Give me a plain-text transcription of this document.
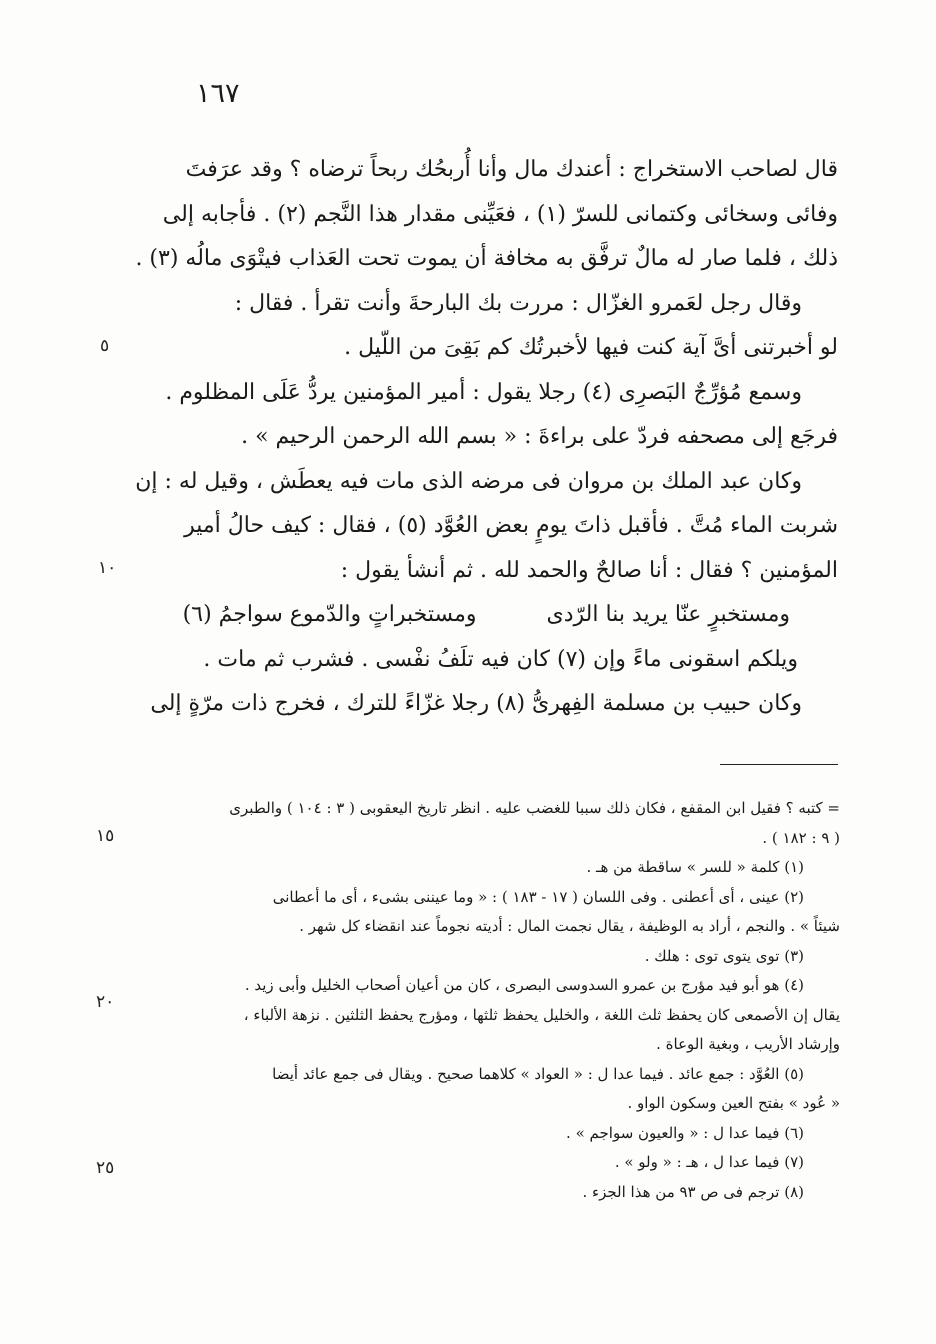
١٦٧
قال لصاحب الاستخراج : أعندك مال وأنا أُربحُك ربحاً ترضاه ؟ وقد عرَفتَ
وفائى وسخائى وكتمانى للسرّ (١) ، فعَيِّنى مقدار هذا النَّجم (٢) . فأجابه إلى
ذلك ، فلما صار له مالٌ ترفَّق به مخافة أن يموت تحت العَذاب فيتْوَى مالُه (٣) .
وقال رجل لعَمرو الغزّال : مررت بك البارحةَ وأنت تقرأ . فقال :
لو أخبرتنى أىَّ آية كنت فيها لأخبرتُك كم بَقِىَ من اللّيل .
وسمع مُؤرِّجٌ البَصرِى (٤) رجلا يقول : أمير المؤمنين يردُّ عَلَى المظلوم .
فرجَع إلى مصحفه فردّ على براءةَ : « بسم الله الرحمن الرحيم » .
وكان عبد الملك بن مروان فى مرضه الذى مات فيه يعطَش ، وقيل له : إن
شربت الماء مُتَّ . فأقبل ذاتَ يومٍ بعض العُوَّد (٥) ، فقال : كيف حالُ أمير
المؤمنين ؟ فقال : أنا صالحٌ والحمد لله . ثم أنشأ يقول :
ومستخبرٍ عنّا يريد بنا الرّدىومستخبراتٍ والدّموع سواجمُ (٦)
ويلكم اسقونى ماءً وإن (٧) كان فيه تلَفُ نفْسى . فشرب ثم مات .
وكان حبيب بن مسلمة الفِهرىُّ (٨) رجلا غزّاءً للترك ، فخرج ذات مرّةٍ إلى
٥
١٠
١٥
٢٠
٢٥
= كتبه ؟ فقيل ابن المقفع ، فكان ذلك سببا للغضب عليه . انظر تاريخ اليعقوبى ( ٣ : ١٠٤ ) والطبرى
( ٩ : ١٨٢ ) .
(١) كلمة « للسر » ساقطة من هـ .
(٢) عينى ، أى أعطنى . وفى اللسان ( ١٧ - ١٨٣ ) : « وما عيننى بشىء ، أى ما أعطانى
شيئاً » . والنجم ، أراد به الوظيفة ، يقال نجمت المال : أديته نجوماً عند انقضاء كل شهر .
(٣) توى يتوى توى : هلك .
(٤) هو أبو فيد مؤرج بن عمرو السدوسى البصرى ، كان من أعيان أصحاب الخليل وأبى زيد .
يقال إن الأصمعى كان يحفظ ثلث اللغة ، والخليل يحفظ ثلثها ، ومؤرج يحفظ الثلثين . نزهة الألباء ،
وإرشاد الأريب ، وبغية الوعاة .
(٥) العُوَّد : جمع عائد . فيما عدا ل : « العواد » كلاهما صحيح . ويقال فى جمع عائد أيضا
« عُود » بفتح العين وسكون الواو .
(٦) فيما عدا ل : « والعيون سواجم » .
(٧) فيما عدا ل ، هـ : « ولو » .
(٨) ترجم فى ص ٩٣ من هذا الجزء .
